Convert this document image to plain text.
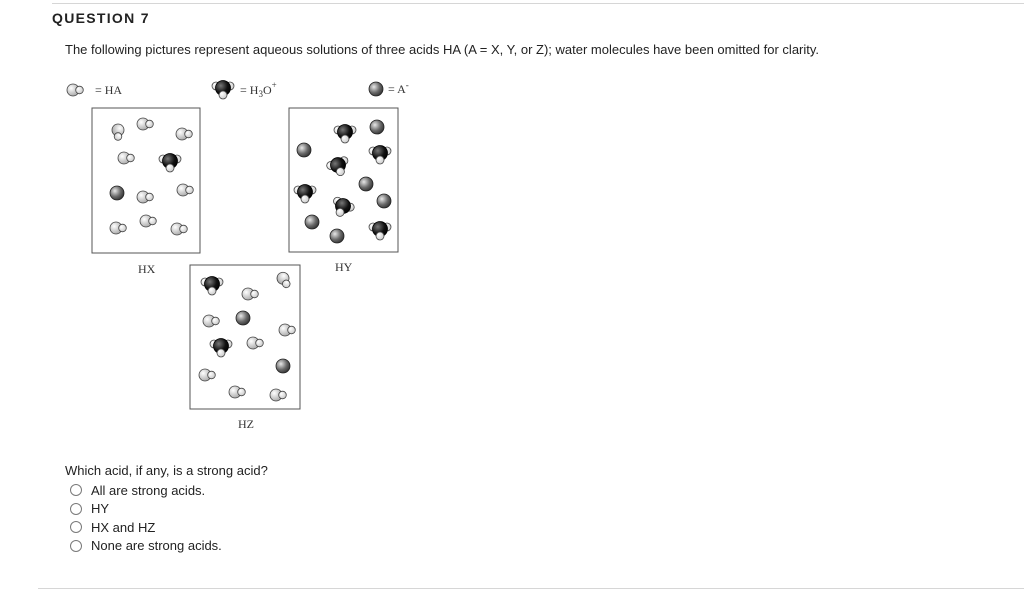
QUESTION 7
The following pictures represent aqueous solutions of three acids HA (A = X, Y, or Z); water molecules have been omitted for clarity.
= HA	= $H_3O^+$	= A-
HX	HY
HZ
Which acid, if any, is a strong acid?
All are strong acids.
HY
HX and HZ
None are strong acids.
